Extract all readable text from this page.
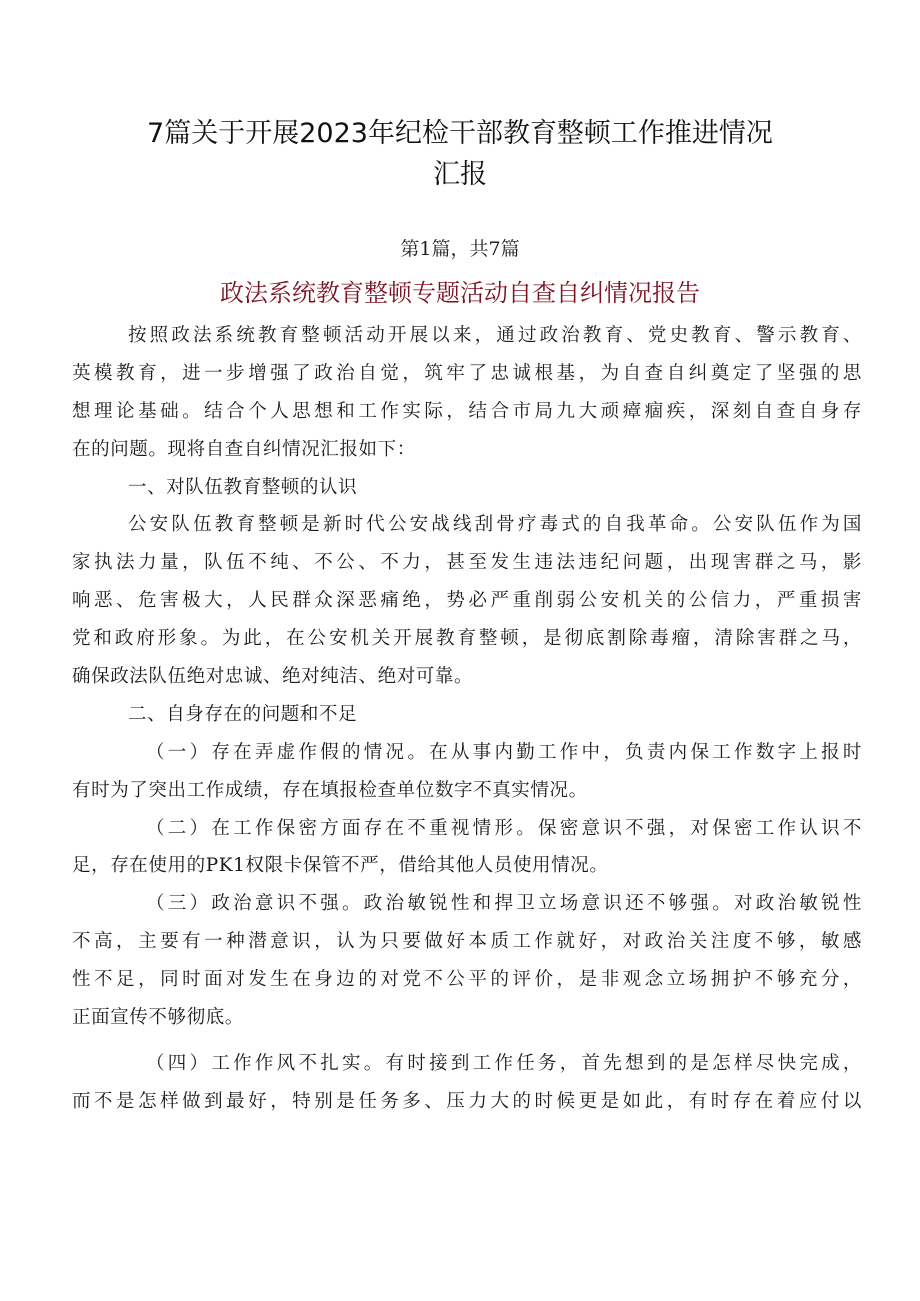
7篇关于开展2023年纪检干部教育整顿工作推进情况
汇报
第1篇，共7篇
政法系统教育整顿专题活动自查自纠情况报告
按照政法系统教育整顿活动开展以来，通过政治教育、党史教育、警示教育、
英模教育，进一步增强了政治自觉，筑牢了忠诚根基，为自查自纠奠定了坚强的思
想理论基础。结合个人思想和工作实际，结合市局九大顽瘴痼疾，深刻自查自身存
在的问题。现将自查自纠情况汇报如下：
一、对队伍教育整顿的认识
公安队伍教育整顿是新时代公安战线刮骨疗毒式的自我革命。公安队伍作为国
家执法力量，队伍不纯、不公、不力，甚至发生违法违纪问题，出现害群之马，影
响恶、危害极大，人民群众深恶痛绝，势必严重削弱公安机关的公信力，严重损害
党和政府形象。为此，在公安机关开展教育整顿，是彻底割除毒瘤，清除害群之马，
确保政法队伍绝对忠诚、绝对纯洁、绝对可靠。
二、自身存在的问题和不足
（一）存在弄虚作假的情况。在从事内勤工作中，负责内保工作数字上报时
有时为了突出工作成绩，存在填报检查单位数字不真实情况。
（二）在工作保密方面存在不重视情形。保密意识不强，对保密工作认识不
足，存在使用的PK1权限卡保管不严，借给其他人员使用情况。
（三）政治意识不强。政治敏锐性和捍卫立场意识还不够强。对政治敏锐性
不高，主要有一种潜意识，认为只要做好本质工作就好，对政治关注度不够，敏感
性不足，同时面对发生在身边的对党不公平的评价，是非观念立场拥护不够充分，
正面宣传不够彻底。
（四）工作作风不扎实。有时接到工作任务，首先想到的是怎样尽快完成，
而不是怎样做到最好，特别是任务多、压力大的时候更是如此，有时存在着应付以
